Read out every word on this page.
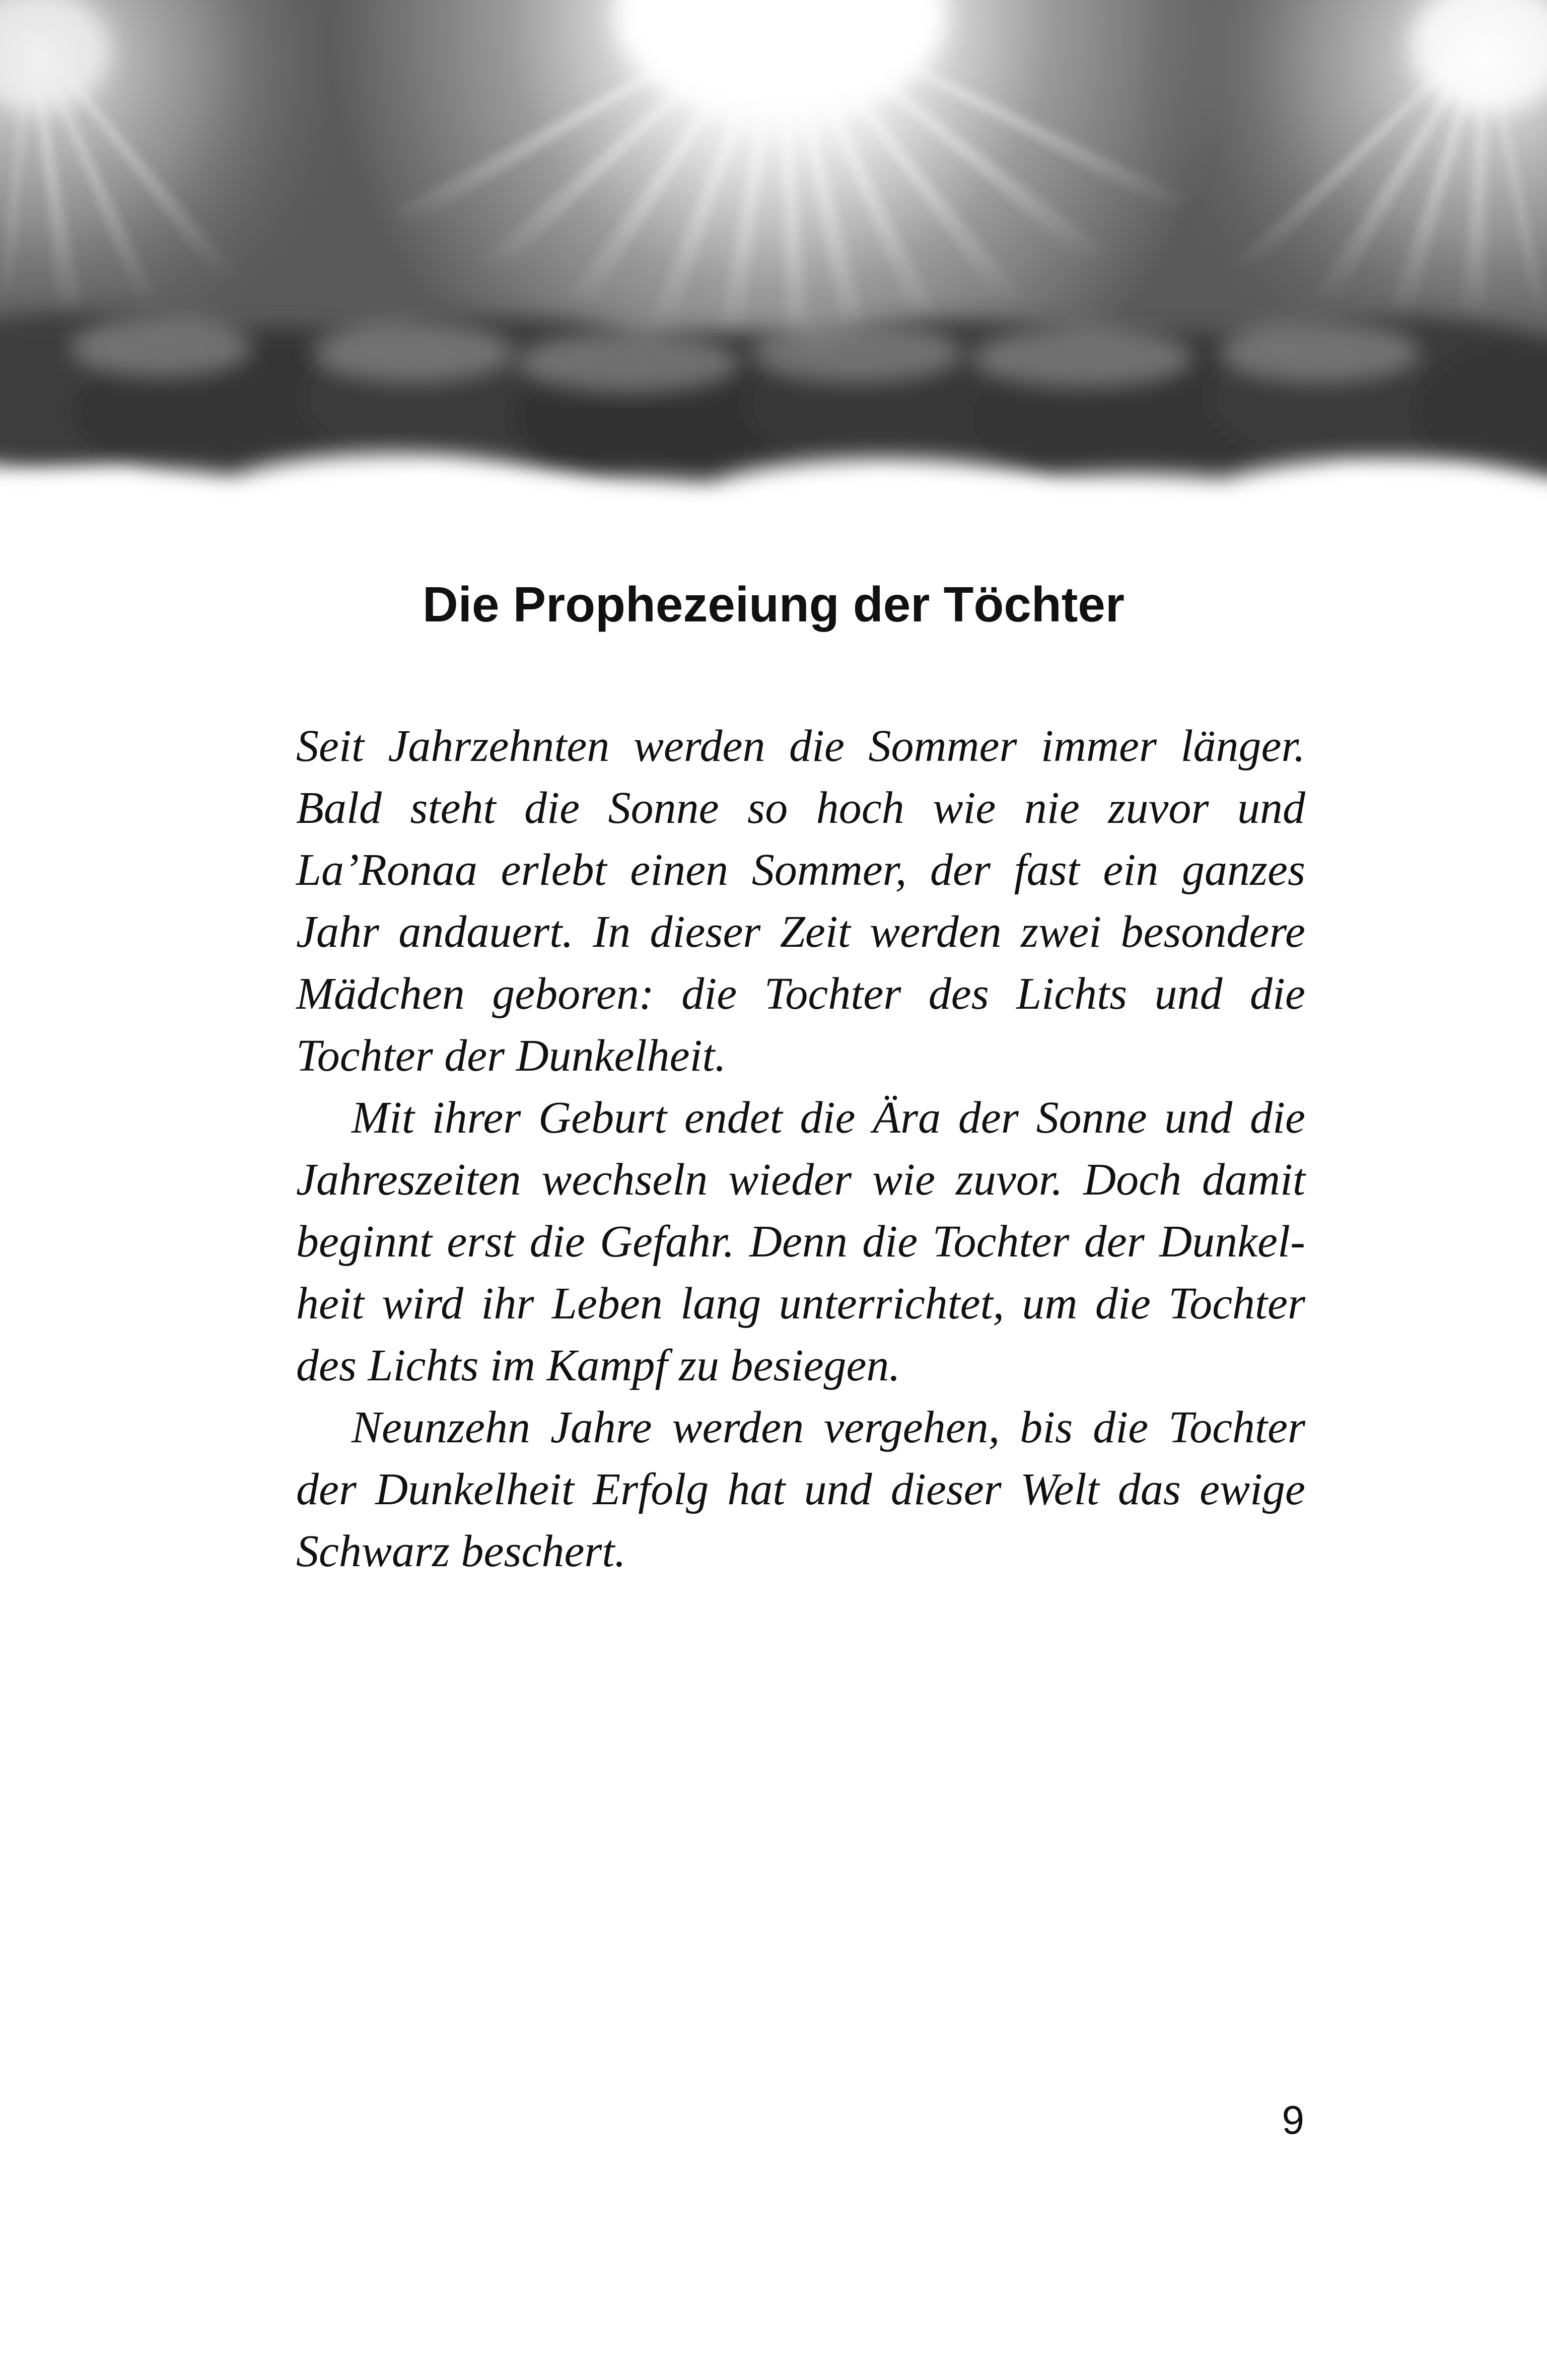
Die Prophezeiung der Töchter

Seit Jahrzehnten werden die Sommer immer länger. Bald steht die Sonne so hoch wie nie zuvor und La’Ronaa erlebt einen Sommer, der fast ein ganzes Jahr andauert. In dieser Zeit werden zwei besondere Mädchen geboren: die Tochter des Lichts und die Tochter der Dunkelheit.

Mit ihrer Geburt endet die Ära der Sonne und die Jahreszeiten wechseln wieder wie zuvor. Doch damit beginnt erst die Gefahr. Denn die Tochter der Dunkelheit wird ihr Leben lang unterrichtet, um die Tochter des Lichts im Kampf zu besiegen.

Neunzehn Jahre werden vergehen, bis die Tochter der Dunkelheit Erfolg hat und dieser Welt das ewige Schwarz beschert.

9
